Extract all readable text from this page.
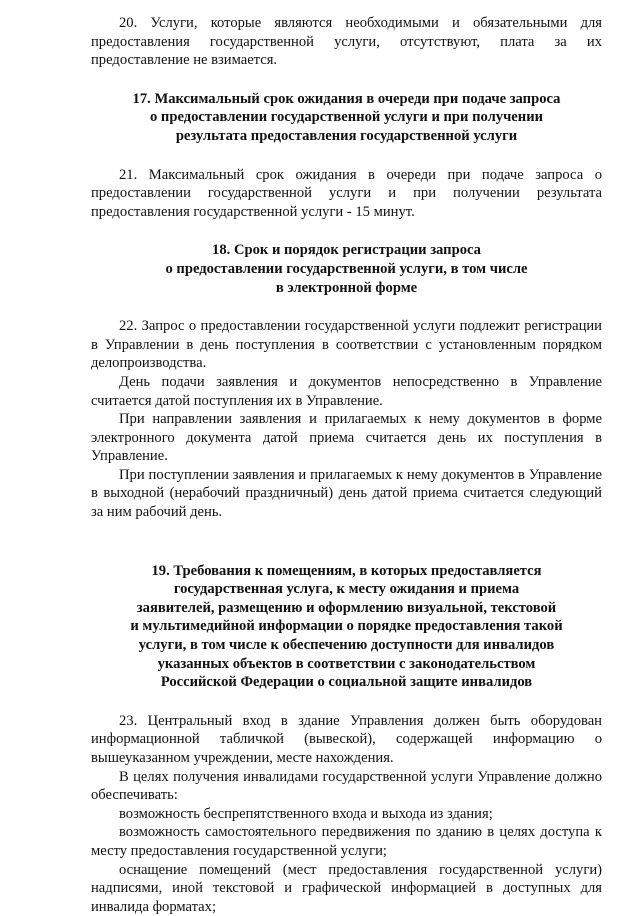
20. Услуги, которые являются необходимыми и обязательными для предоставления государственной услуги, отсутствуют, плата за их предоставление не взимается.

17. Максимальный срок ожидания в очереди при подаче запроса
о предоставлении государственной услуги и при получении
результата предоставления государственной услуги

21. Максимальный срок ожидания в очереди при подаче запроса о предоставлении государственной услуги и при получении результата предоставления государственной услуги - 15 минут.

18. Срок и порядок регистрации запроса
о предоставлении государственной услуги, в том числе
в электронной форме

22. Запрос о предоставлении государственной услуги подлежит регистрации в Управлении в день поступления в соответствии с установленным порядком делопроизводства.

День подачи заявления и документов непосредственно в Управление считается датой поступления их в Управление.

При направлении заявления и прилагаемых к нему документов в форме электронного документа датой приема считается день их поступления в Управление.

При поступлении заявления и прилагаемых к нему документов в Управление в выходной (нерабочий праздничный) день датой приема считается следующий за ним рабочий день.

19. Требования к помещениям, в которых предоставляется
государственная услуга, к месту ожидания и приема
заявителей, размещению и оформлению визуальной, текстовой
и мультимедийной информации о порядке предоставления такой
услуги, в том числе к обеспечению доступности для инвалидов
указанных объектов в соответствии с законодательством
Российской Федерации о социальной защите инвалидов

23. Центральный вход в здание Управления должен быть оборудован информационной табличкой (вывеской), содержащей информацию о вышеуказанном учреждении, месте нахождения.

В целях получения инвалидами государственной услуги Управление должно обеспечивать:

возможность беспрепятственного входа и выхода из здания;

возможность самостоятельного передвижения по зданию в целях доступа к месту предоставления государственной услуги;

оснащение помещений (мест предоставления государственной услуги) надписями, иной текстовой и графической информацией в доступных для инвалида форматах;
